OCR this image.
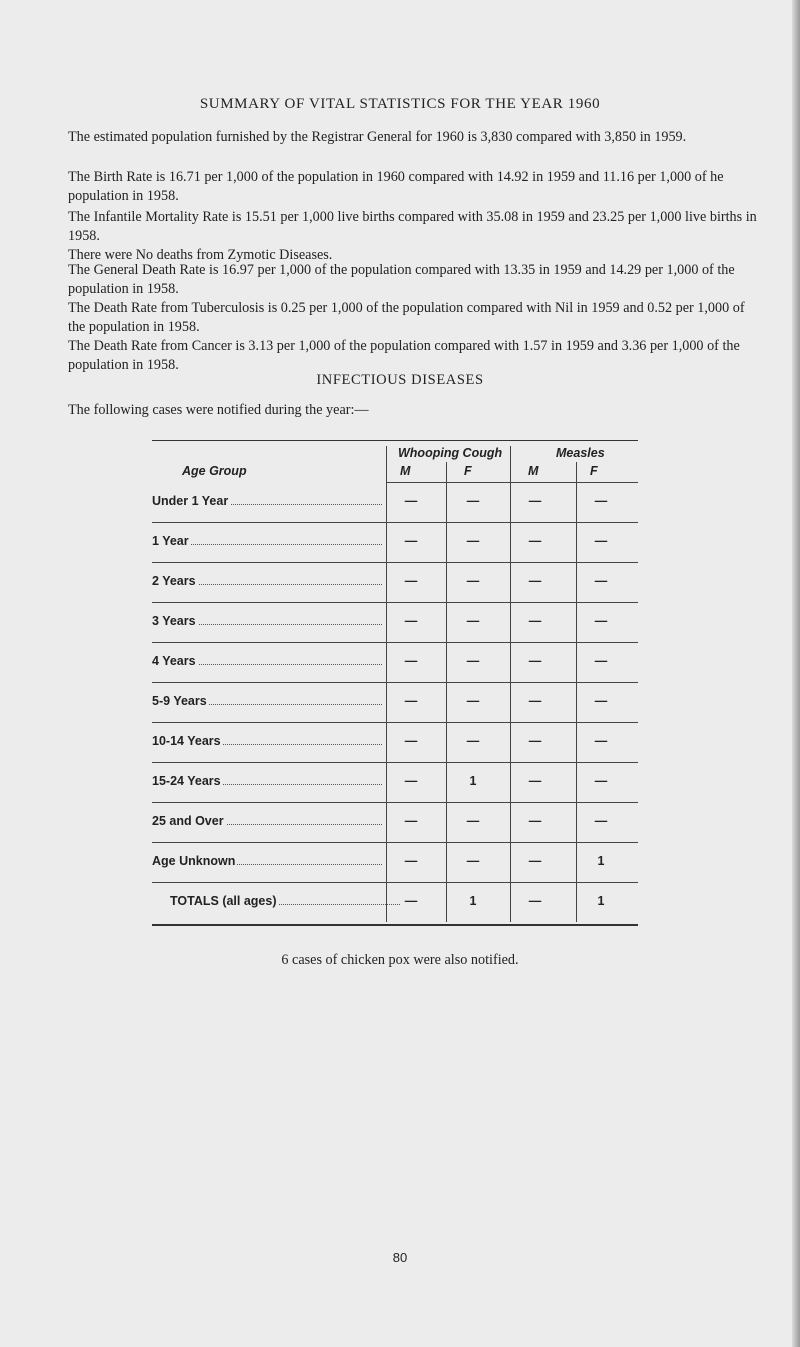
SUMMARY OF VITAL STATISTICS FOR THE YEAR 1960
INFECTIOUS DISEASES
The following cases were notified during the year:—
Age Group
Whooping Cough	Measles
M	F	M	F
Under 1 Year	—	—	—	—
1 Year	—	—	—	—
2 Years	—	—	—	—
3 Years	—	—	—	—
4 Years	—	—	—	—
5-9 Years	—	—	—	—
10-14 Years	—	—	—	—
15-24 Years	—	1	—	—
25 and Over	—	—	—	—
Age Unknown	—	—	—	1
80

The estimated population furnished by the Registrar General for 1960 is 3,830 compared with 3,850 in 1959.

The Birth Rate is 16.71 per 1,000 of the population in 1960 compared with 14.92 in 1959 and 11.16 per 1,000 of he population in 1958.

The Infantile Mortality Rate is 15.51 per 1,000 live births compared with 35.08 in 1959 and 23.25 per 1,000 live births in 1958.

There were No deaths from Zymotic Diseases.

The General Death Rate is 16.97 per 1,000 of the population compared with 13.35 in 1959 and 14.29 per 1,000 of the population in 1958.

The Death Rate from Tuberculosis is 0.25 per 1,000 of the population compared with Nil in 1959 and 0.52 per 1,000 of the population in 1958.

The Death Rate from Cancer is 3.13 per 1,000 of the population compared with 1.57 in 1959 and 3.36 per 1,000 of the population in 1958.

TOTALS (all ages)	—	1	—	1
6 cases of chicken pox were also notified.
